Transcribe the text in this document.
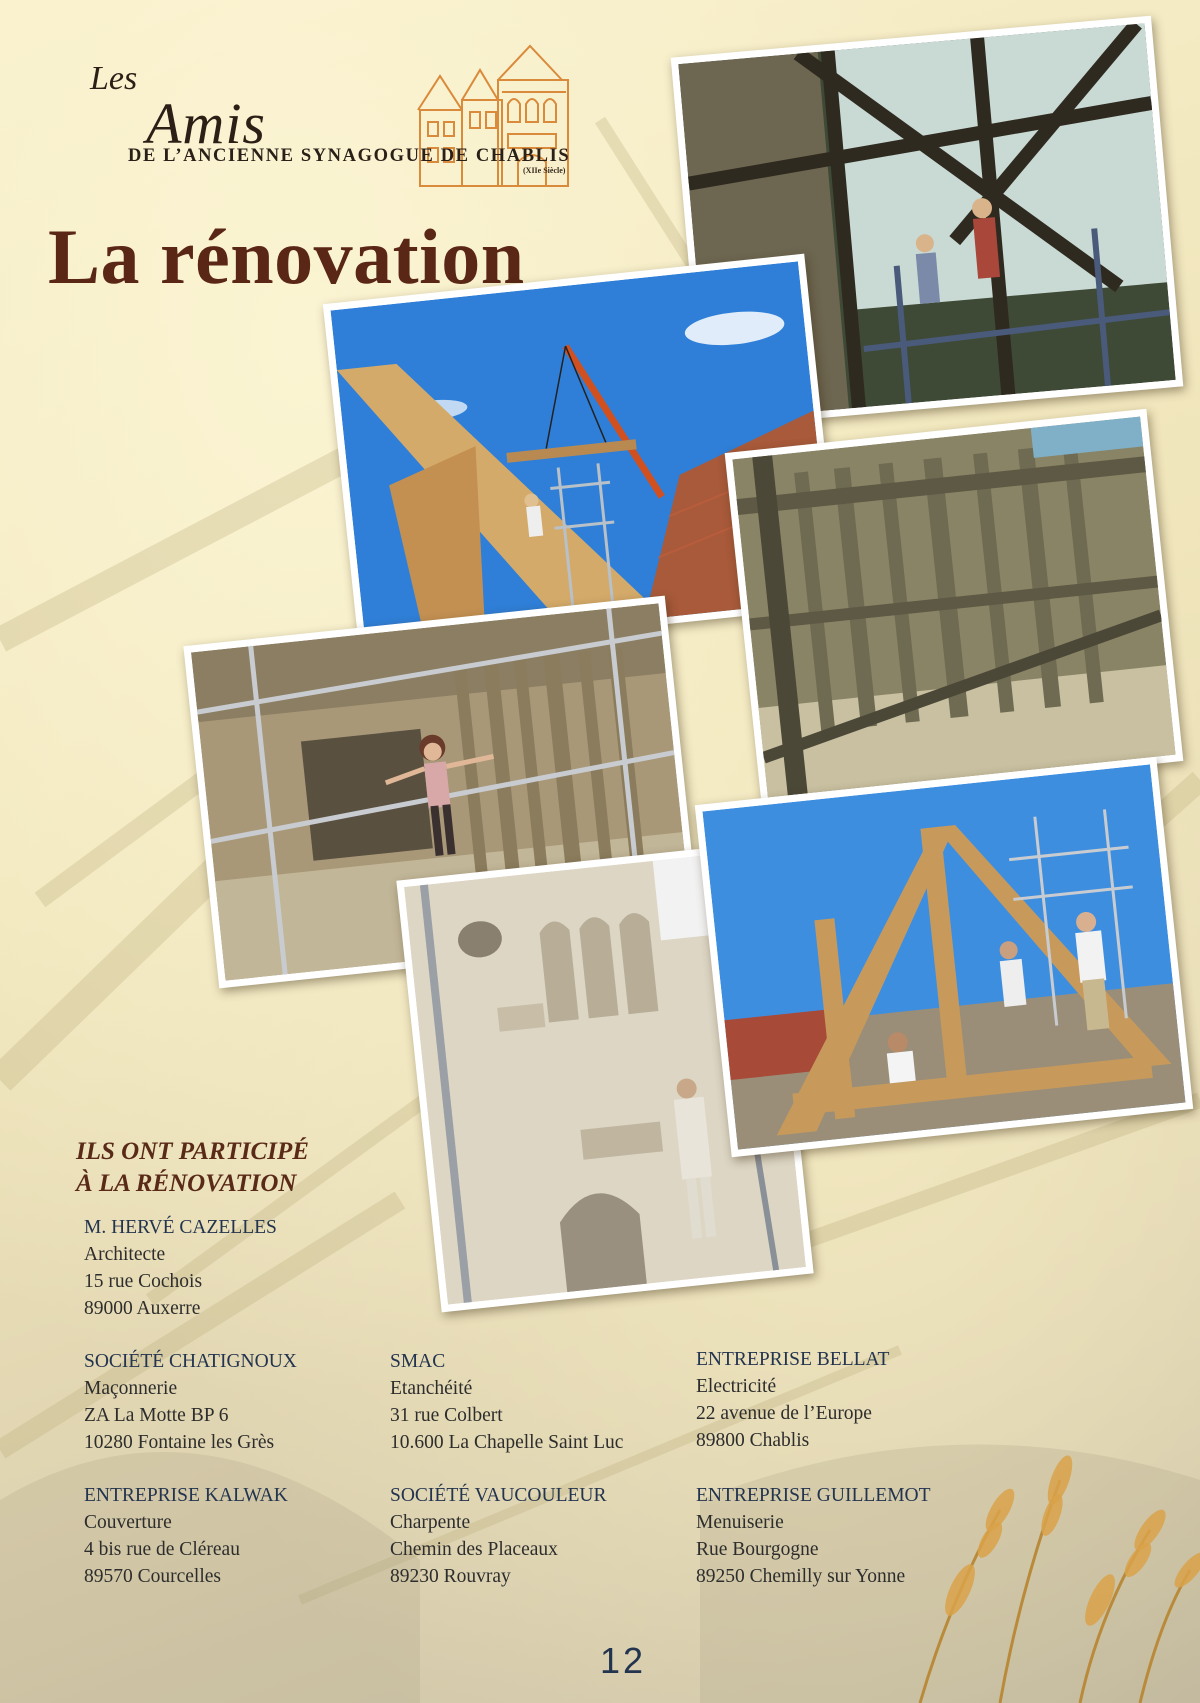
Les
Amis
DE L’ANCIENNE SYNAGOGUE DE CHABLIS
(XIIe Siècle)
La rénovation
ILS ONT PARTICIPÉ
À LA RÉNOVATION
M. HERVÉ CAZELLES
Architecte
15 rue Cochois
89000 Auxerre
SOCIÉTÉ CHATIGNOUX
Maçonnerie
ZA La Motte BP 6
10280 Fontaine les Grès
SMAC
Etanchéité
31 rue Colbert
10.600 La Chapelle Saint Luc
ENTREPRISE BELLAT
Electricité
22 avenue de l’Europe
89800 Chablis
ENTREPRISE KALWAK
Couverture
4 bis rue de Cléreau
89570 Courcelles
SOCIÉTÉ VAUCOULEUR
Charpente
Chemin des Placeaux
89230 Rouvray
ENTREPRISE GUILLEMOT
Menuiserie
Rue Bourgogne
89250 Chemilly sur Yonne
12
